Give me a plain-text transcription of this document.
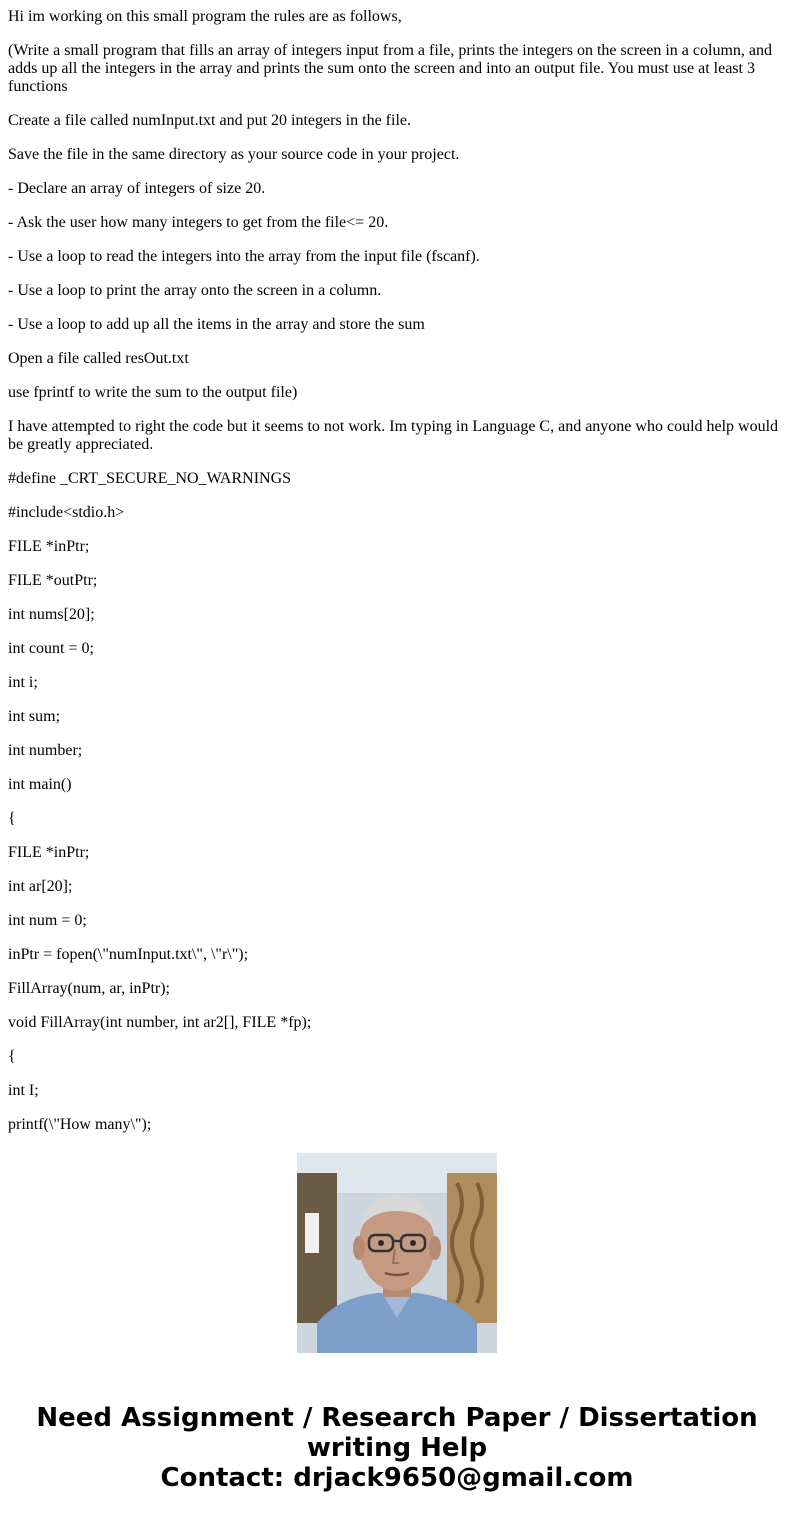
Hi im working on this small program the rules are as follows,

(Write a small program that fills an array of integers input from a file, prints the integers on the screen in a column, and adds up all the integers in the array and prints the sum onto the screen and into an output file. You must use at least 3 functions

Create a file called numInput.txt and put 20 integers in the file.

Save the file in the same directory as your source code in your project.

- Declare an array of integers of size 20.

- Ask the user how many integers to get from the file<= 20.

- Use a loop to read the integers into the array from the input file (fscanf).

- Use a loop to print the array onto the screen in a column.

- Use a loop to add up all the items in the array and store the sum

Open a file called resOut.txt

use fprintf to write the sum to the output file)

I have attempted to right the code but it seems to not work. Im typing in Language C, and anyone who could help would be greatly appreciated.

#define _CRT_SECURE_NO_WARNINGS

#include<stdio.h>

FILE *inPtr;

FILE *outPtr;

int nums[20];

int count = 0;

int i;

int sum;

int number;

int main()

{

FILE *inPtr;

int ar[20];

int num = 0;

inPtr = fopen(\"numInput.txt\", \"r\");

FillArray(num, ar, inPtr);

void FillArray(int number, int ar2[], FILE *fp);

{

int I;

printf(\"How many\");

Need Assignment / Research Paper / Dissertation writing Help
Contact: drjack9650@gmail.com
